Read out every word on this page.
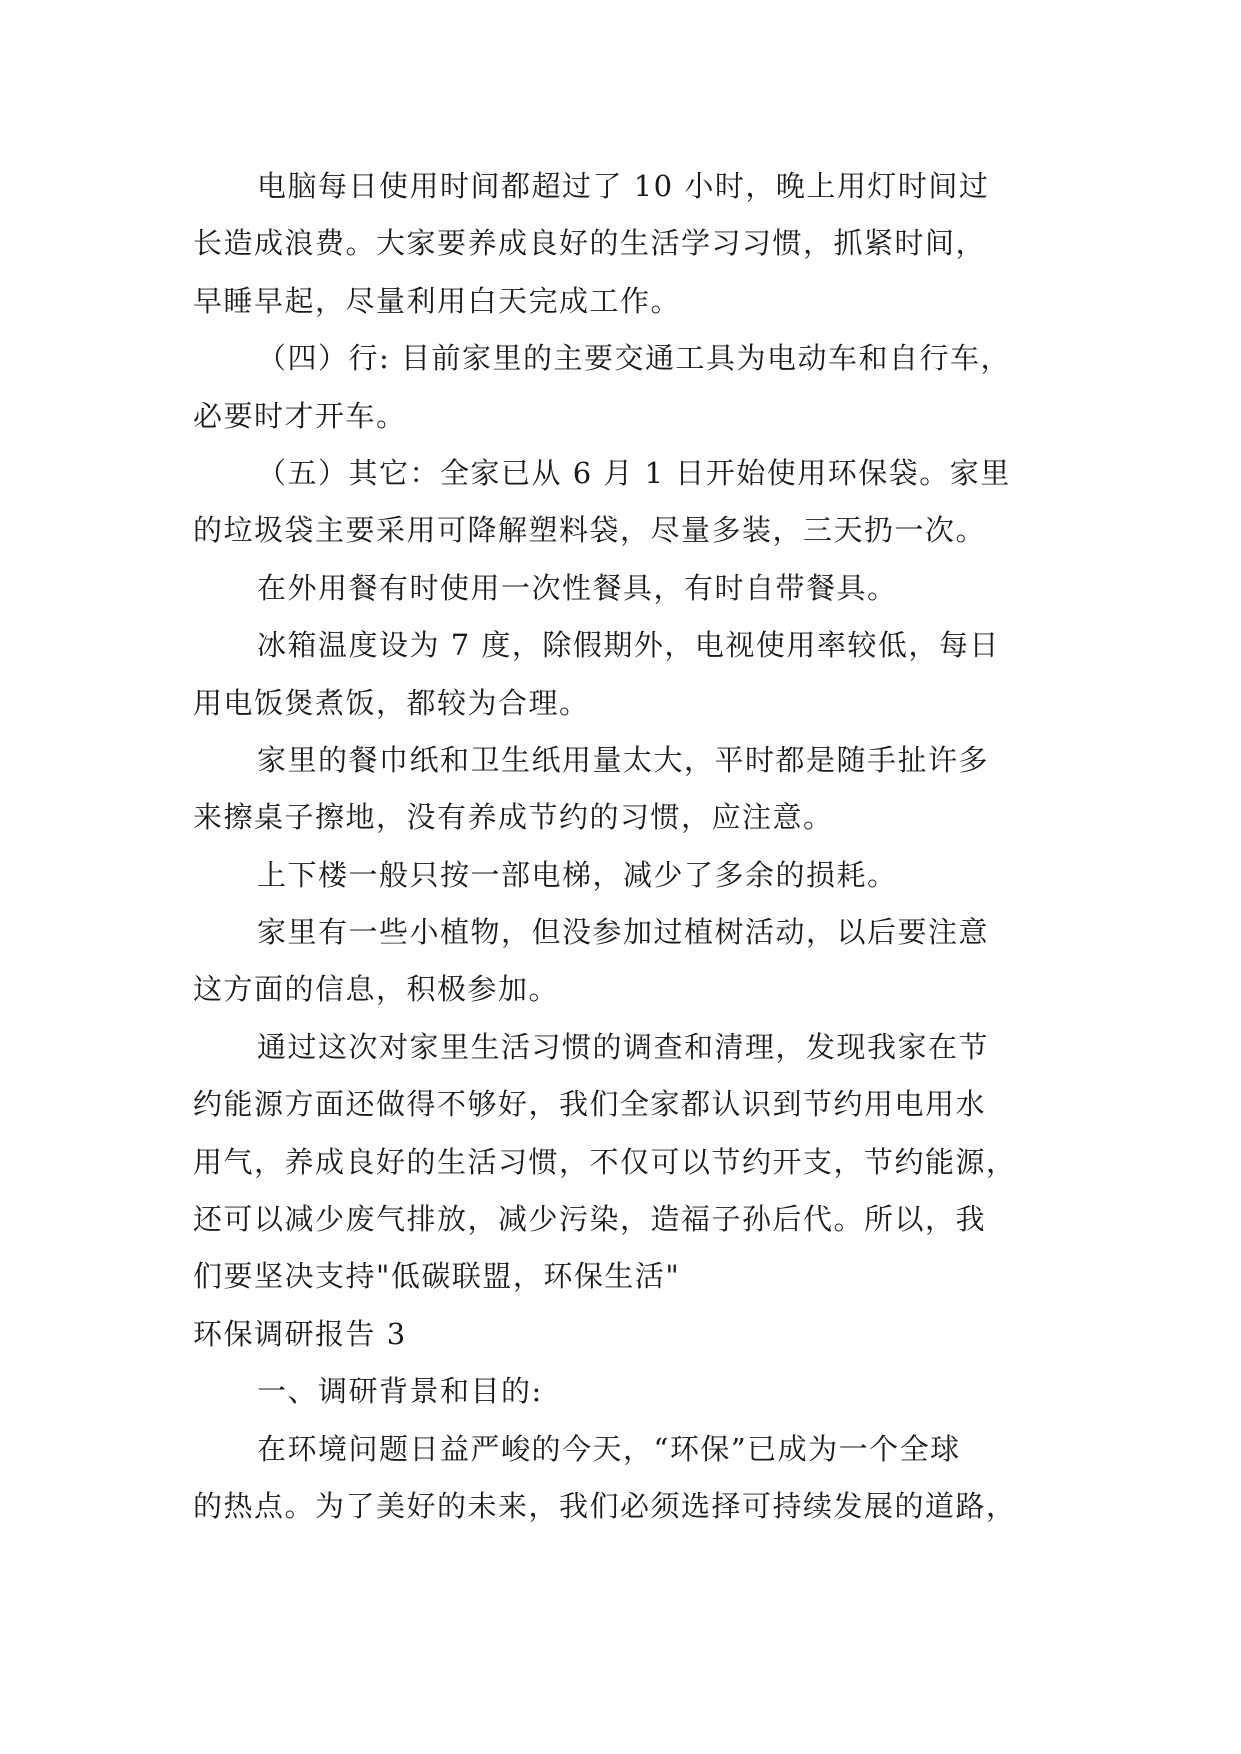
电脑每日使用时间都超过了 10 小时，晚上用灯时间过
长造成浪费。大家要养成良好的生活学习习惯，抓紧时间，
早睡早起，尽量利用白天完成工作。
（四）行: 目前家里的主要交通工具为电动车和自行车，
必要时才开车。
（五）其它：全家已从 6 月 1 日开始使用环保袋。家里
的垃圾袋主要采用可降解塑料袋，尽量多装，三天扔一次。
在外用餐有时使用一次性餐具，有时自带餐具。
冰箱温度设为 7 度，除假期外，电视使用率较低，每日
用电饭煲煮饭，都较为合理。
家里的餐巾纸和卫生纸用量太大，平时都是随手扯许多
来擦桌子擦地，没有养成节约的习惯，应注意。
上下楼一般只按一部电梯，减少了多余的损耗。
家里有一些小植物，但没参加过植树活动，以后要注意
这方面的信息，积极参加。
通过这次对家里生活习惯的调查和清理，发现我家在节
约能源方面还做得不够好，我们全家都认识到节约用电用水
用气，养成良好的生活习惯，不仅可以节约开支，节约能源，
还可以减少废气排放，减少污染，造福子孙后代。所以，我
们要坚决支持"低碳联盟，环保生活"
环保调研报告 3
一、调研背景和目的:
在环境问题日益严峻的今天，“环保”已成为一个全球
的热点。为了美好的未来，我们必须选择可持续发展的道路，
